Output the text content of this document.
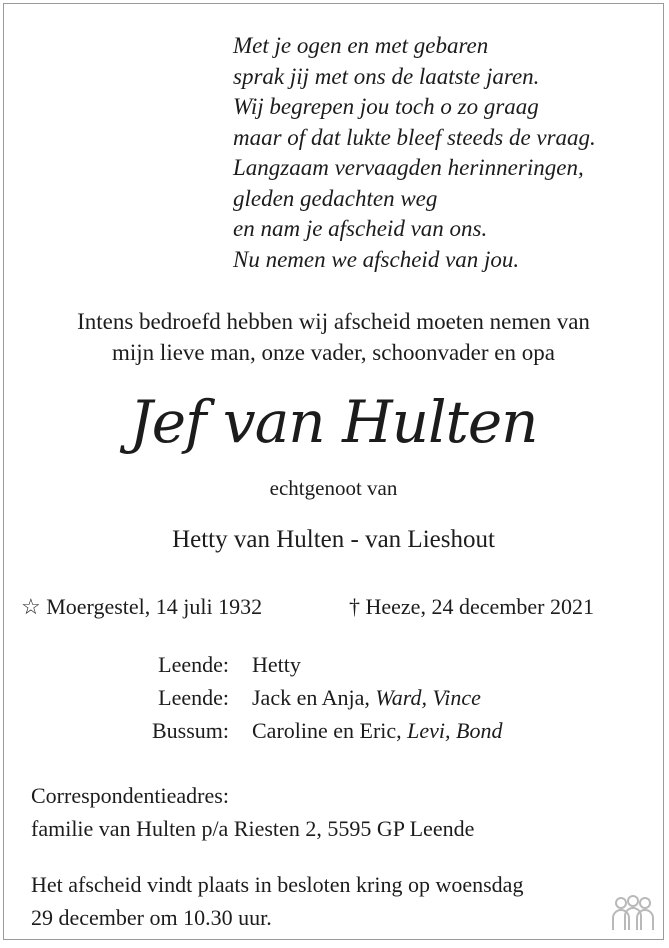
Met je ogen en met gebaren
sprak jij met ons de laatste jaren.
Wij begrepen jou toch o zo graag
maar of dat lukte bleef steeds de vraag.
Langzaam vervaagden herinneringen,
gleden gedachten weg
en nam je afscheid van ons.
Nu nemen we afscheid van jou.
Intens bedroefd hebben wij afscheid moeten nemen van
mijn lieve man, onze vader, schoonvader en opa
Jef van Hulten
echtgenoot van
Hetty van Hulten - van Lieshout
☆ Moergestel, 14 juli 1932	† Heeze, 24 december 2021
Leende: Hetty
Leende: Jack en Anja, Ward, Vince
Bussum: Caroline en Eric, Levi, Bond
Correspondentieadres:
familie van Hulten p/a Riesten 2, 5595 GP Leende
Het afscheid vindt plaats in besloten kring op woensdag
29 december om 10.30 uur.
